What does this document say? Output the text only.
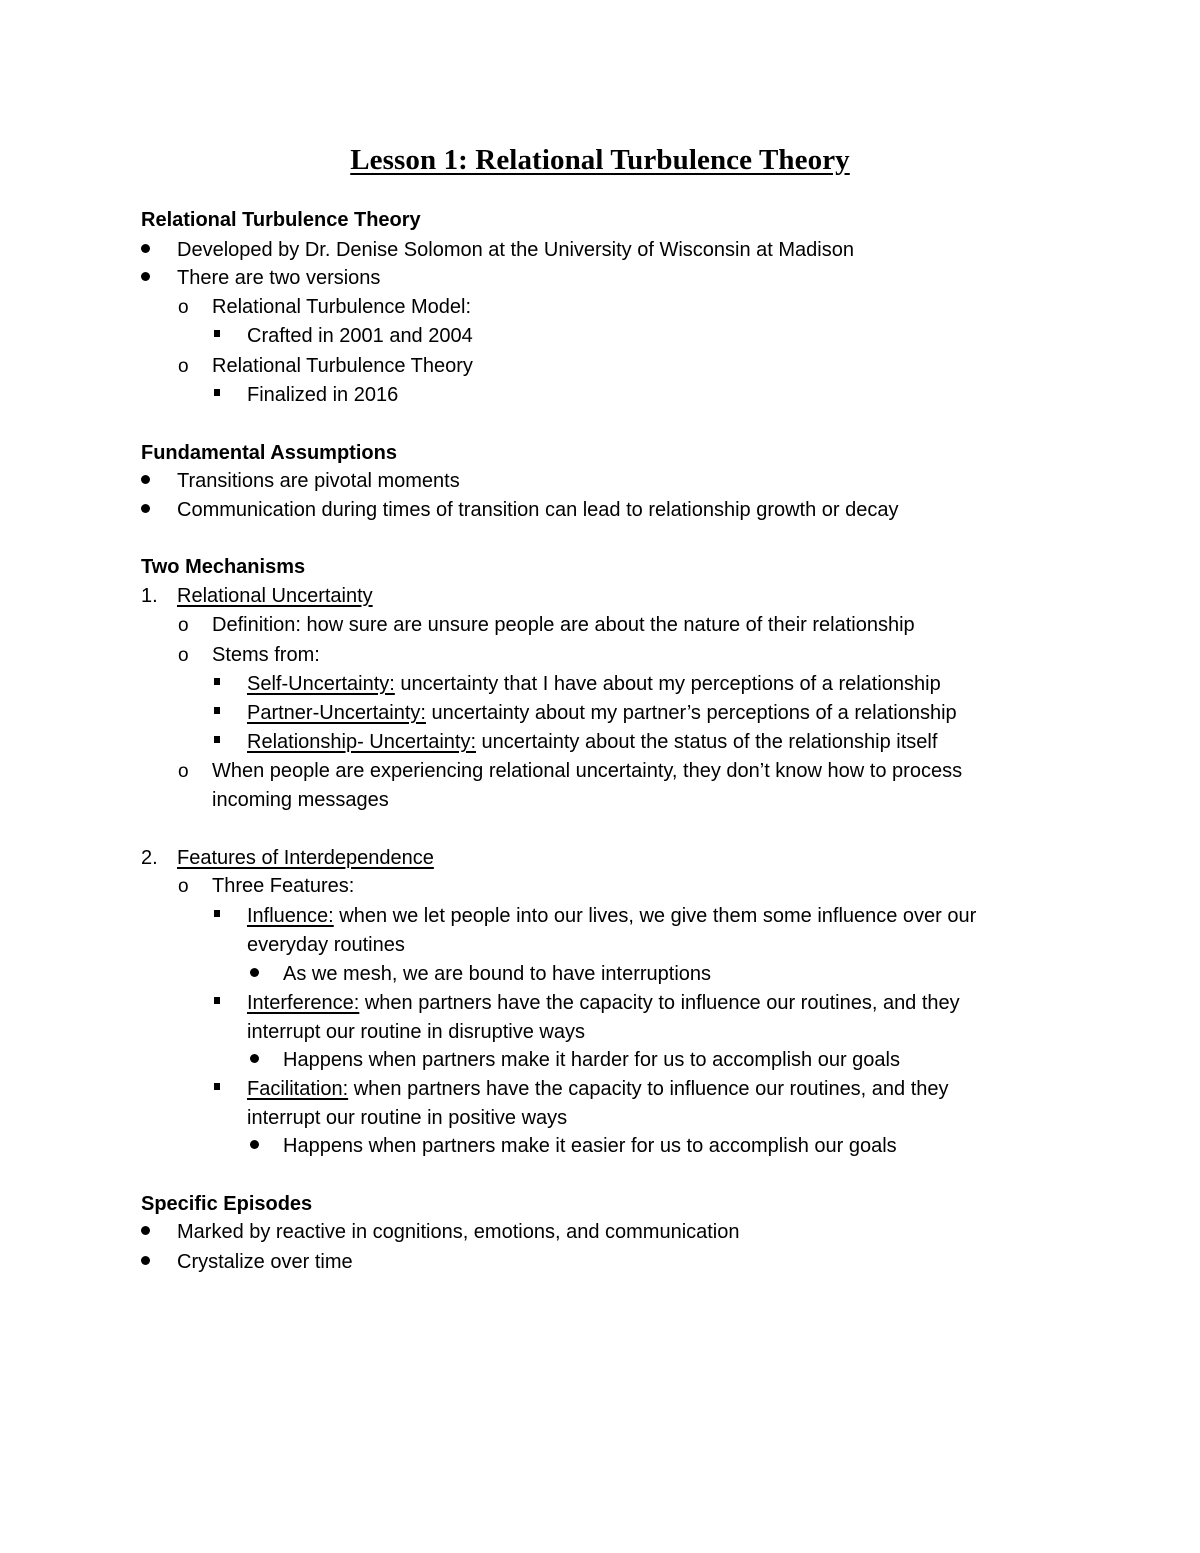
Lesson 1: Relational Turbulence Theory
Relational Turbulence Theory
Developed by Dr. Denise Solomon at the University of Wisconsin at Madison
There are two versions
o Relational Turbulence Model:
Crafted in 2001 and 2004
o Relational Turbulence Theory
Finalized in 2016
Fundamental Assumptions
Transitions are pivotal moments
Communication during times of transition can lead to relationship growth or decay
Two Mechanisms
1. Relational Uncertainty
o Definition: how sure are unsure people are about the nature of their relationship
o Stems from:
Self-Uncertainty: uncertainty that I have about my perceptions of a relationship
Partner-Uncertainty: uncertainty about my partner’s perceptions of a relationship
Relationship- Uncertainty: uncertainty about the status of the relationship itself
o When people are experiencing relational uncertainty, they don’t know how to process
incoming messages
2. Features of Interdependence
o Three Features:
Influence: when we let people into our lives, we give them some influence over our
everyday routines
As we mesh, we are bound to have interruptions
Interference: when partners have the capacity to influence our routines, and they
interrupt our routine in disruptive ways
Happens when partners make it harder for us to accomplish our goals
Facilitation: when partners have the capacity to influence our routines, and they
interrupt our routine in positive ways
Happens when partners make it easier for us to accomplish our goals
Specific Episodes
Marked by reactive in cognitions, emotions, and communication
Crystalize over time
